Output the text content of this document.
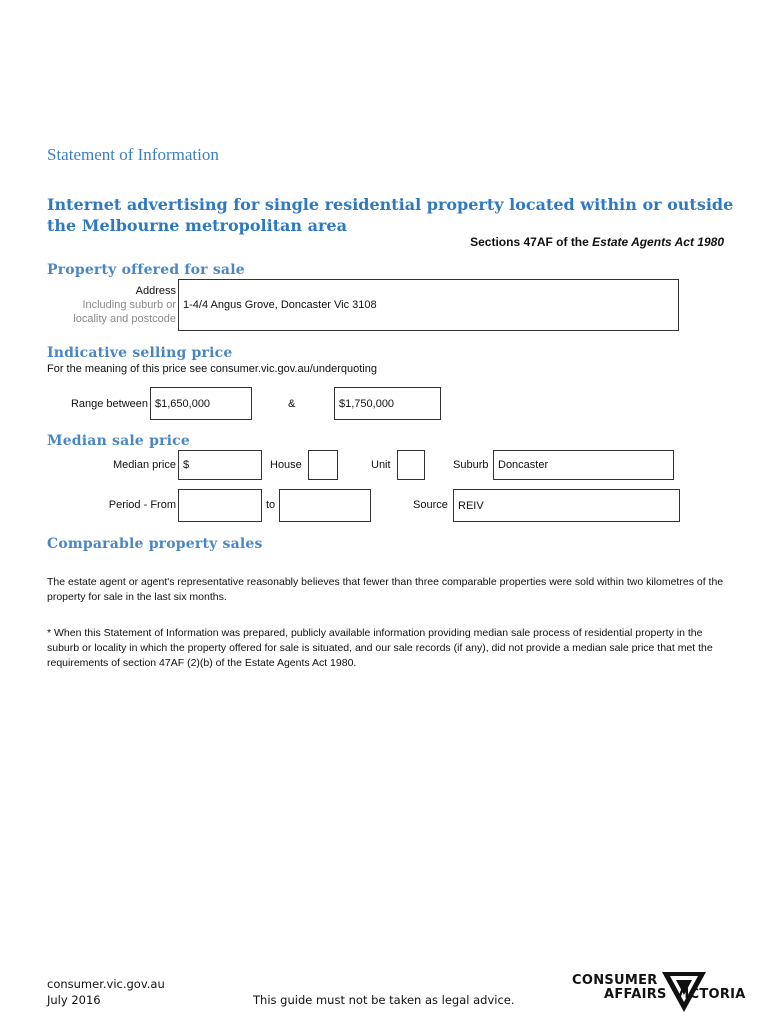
Statement of Information
Internet advertising for single residential property located within or outside the Melbourne metropolitan area
Sections 47AF of the Estate Agents Act 1980
Property offered for sale
Address
Including suburb or
locality and postcode
1-4/4 Angus Grove, Doncaster Vic 3108
Indicative selling price
For the meaning of this price see consumer.vic.gov.au/underquoting
Range between $1,650,000	&	$1,750,000
Median sale price
Median price $	House	Unit	Suburb Doncaster
Period - From	to	Source REIV
Comparable property sales
The estate agent or agent's representative reasonably believes that fewer than three comparable properties were sold within two kilometres of the property for sale in the last six months.
* When this Statement of Information was prepared, publicly available information providing median sale process of residential property in the suburb or locality in which the property offered for sale is situated, and our sale records (if any), did not provide a median sale price that met the requirements of section 47AF (2)(b) of the Estate Agents Act 1980.
consumer.vic.gov.au
July 2016	This guide must not be taken as legal advice.
CONSUMER
AFFAIRS VICTORIA
